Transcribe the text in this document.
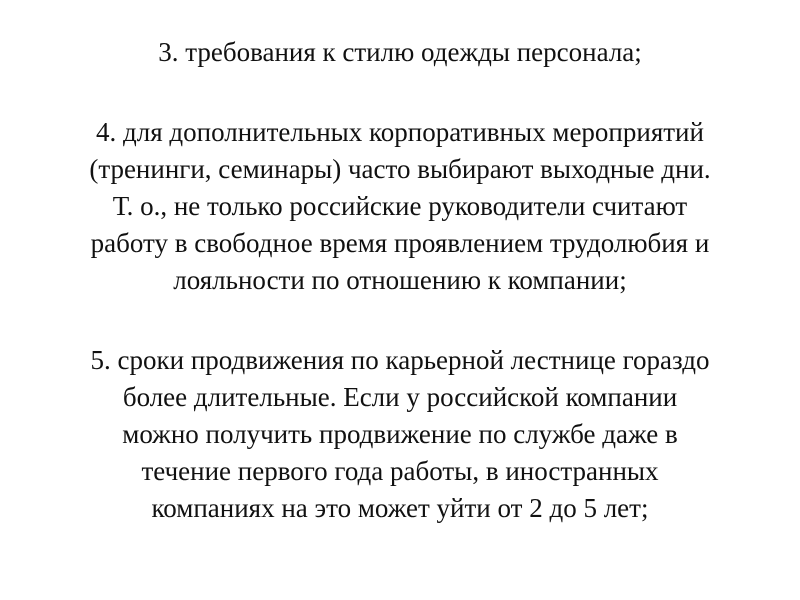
3. требования к стилю одежды персонала;
4. для дополнительных корпоративных мероприятий
(тренинги, семинары) часто выбирают выходные дни.
Т. о., не только российские руководители считают
работу в свободное время проявлением трудолюбия и
лояльности по отношению к компании;
5. сроки продвижения по карьерной лестнице гораздо
более длительные. Если у российской компании
можно получить продвижение по службе даже в
течение первого года работы, в иностранных
компаниях на это может уйти от 2 до 5 лет;
